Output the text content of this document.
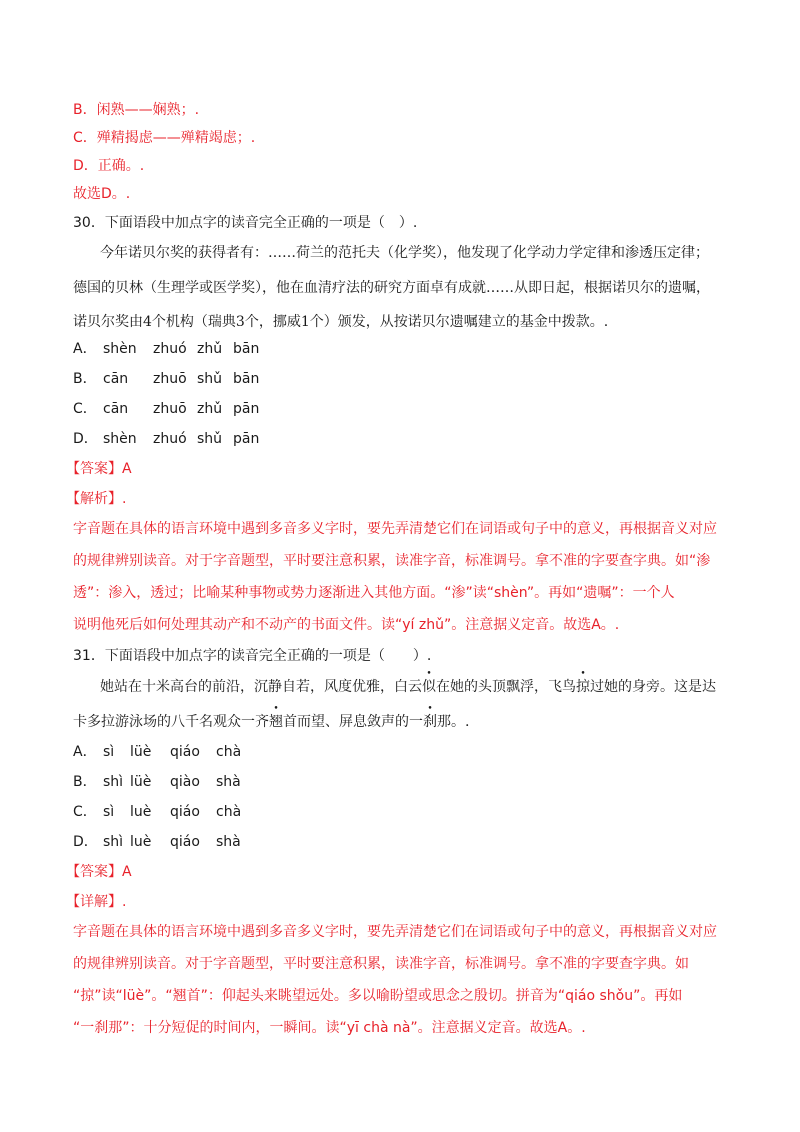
B．闲熟——娴熟；.
C．殚精揭虑——殚精竭虑；.
D．正确。.
故选D。.
30．下面语段中加点字的读音完全正确的一项是（　）.
今年诺贝尔奖的获得者有：……荷兰的范托夫（化学奖），他发现了化学动力学定律和渗透压定律；
德国的贝林（生理学或医学奖），他在血清疗法的研究方面卓有成就……从即日起，根据诺贝尔的遗嘱，
诺贝尔奖由4个机构（瑞典3个，挪威1个）颁发，从按诺贝尔遗嘱建立的基金中拨款。.
A． shèn zhuó zhǔ bān
B． cān zhuō shǔ bān
C． cān zhuō zhǔ pān
D． shèn zhuó shǔ pān
【答案】A
【解析】.
字音题在具体的语言环境中遇到多音多义字时，要先弄清楚它们在词语或句子中的意义，再根据音义对应
的规律辨别读音。对于字音题型，平时要注意积累，读准字音，标准调号。拿不准的字要查字典。如“渗
透”：渗入，透过；比喻某种事物或势力逐渐进入其他方面。“渗”读“shèn”。再如“遗嘱”：一个人
说明他死后如何处理其动产和不动产的书面文件。读“yí zhǔ”。注意据义定音。故选A。.
31．下面语段中加点字的读音完全正确的一项是（　　）.
她站在十米高台的前沿，沉静自若，风度优雅，白云似在她的头顶飘浮，飞鸟掠过她的身旁。这是达
卡多拉游泳场的八千名观众一齐翘首而望、屏息敛声的一刹那。.
A． sì lüè qiáo chà
B． shì lüè qiào shà
C． sì luè qiáo chà
D． shì luè qiáo shà
【答案】A
【详解】.
字音题在具体的语言环境中遇到多音多义字时，要先弄清楚它们在词语或句子中的意义，再根据音义对应
的规律辨别读音。对于字音题型，平时要注意积累，读准字音，标准调号。拿不准的字要查字典。如
“掠”读“lüè”。“翘首”：仰起头来眺望远处。多以喻盼望或思念之殷切。拼音为“qiáo shǒu”。再如
“一刹那”：十分短促的时间内，一瞬间。读“yī chà nà”。注意据义定音。故选A。.
